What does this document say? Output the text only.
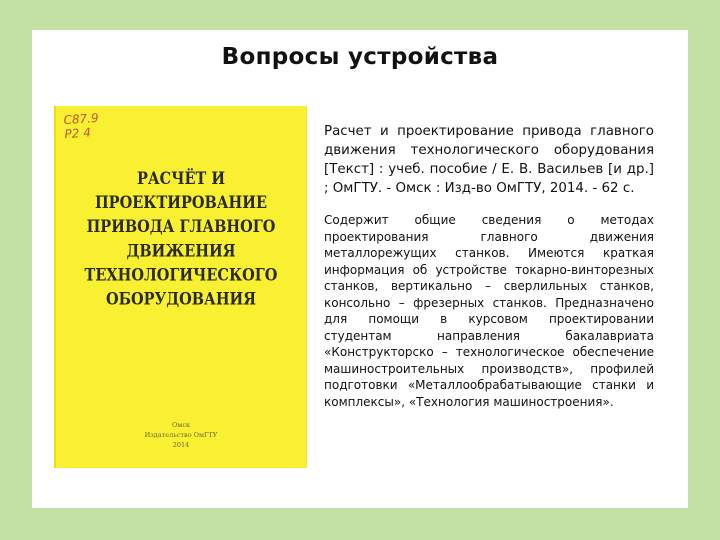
Вопросы устройства
С87.9
Р2 4
РАСЧЁТ И ПРОЕКТИРОВАНИЕ
ПРИВОДА ГЛАВНОГО ДВИЖЕНИЯ
ТЕХНОЛОГИЧЕСКОГО
ОБОРУДОВАНИЯ
Омск
Издательство ОмГТУ
2014

Расчет и проектирование привода главного движения технологического оборудования [Текст] : учеб. пособие / Е. В. Васильев [и др.] ; ОмГТУ. - Омск : Изд-во ОмГТУ, 2014. - 62 с.

Содержит общие сведения о методах проектирования главного движения металлорежущих станков. Имеются краткая информация об устройстве токарно-винторезных станков, вертикально – сверлильных станков, консольно – фрезерных станков. Предназначено для помощи в курсовом проектировании студентам направления бакалавриата «Конструкторско – технологическое обеспечение машиностроительных производств», профилей подготовки «Металлообрабатывающие станки и комплексы», «Технология машиностроения».
